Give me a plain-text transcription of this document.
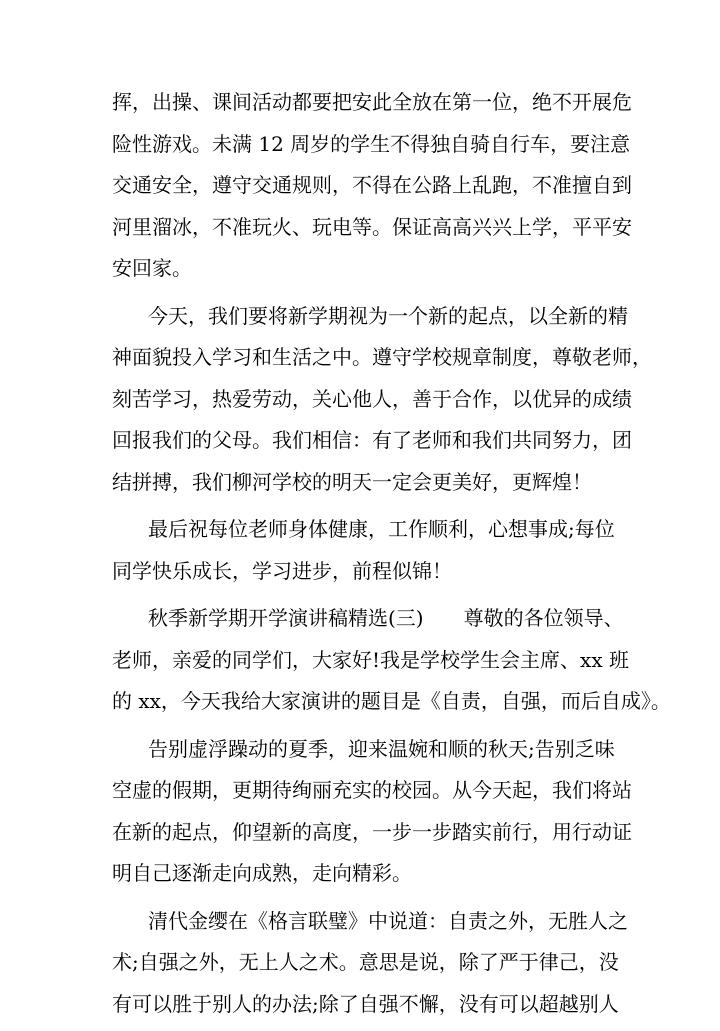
挥，出操、课间活动都要把安此全放在第一位，绝不开展危
险性游戏。未满 12 周岁的学生不得独自骑自行车，要注意
交通安全，遵守交通规则，不得在公路上乱跑，不准擅自到
河里溜冰，不准玩火、玩电等。保证高高兴兴上学，平平安
安回家。
今天，我们要将新学期视为一个新的起点，以全新的精
神面貌投入学习和生活之中。遵守学校规章制度，尊敬老师，
刻苦学习，热爱劳动，关心他人，善于合作，以优异的成绩
回报我们的父母。我们相信：有了老师和我们共同努力，团
结拼搏，我们柳河学校的明天一定会更美好，更辉煌！
最后祝每位老师身体健康，工作顺利，心想事成;每位
同学快乐成长，学习进步，前程似锦！
秋季新学期开学演讲稿精选(三)　　尊敬的各位领导、
老师，亲爱的同学们，大家好!我是学校学生会主席、xx 班
的 xx，今天我给大家演讲的题目是《自责，自强，而后自成》。
告别虚浮躁动的夏季，迎来温婉和顺的秋天;告别乏味
空虚的假期，更期待绚丽充实的校园。从今天起，我们将站
在新的起点，仰望新的高度，一步一步踏实前行，用行动证
明自己逐渐走向成熟，走向精彩。
清代金缨在《格言联璧》中说道：自责之外，无胜人之
术;自强之外，无上人之术。意思是说，除了严于律己，没
有可以胜于别人的办法;除了自强不懈，没有可以超越别人
